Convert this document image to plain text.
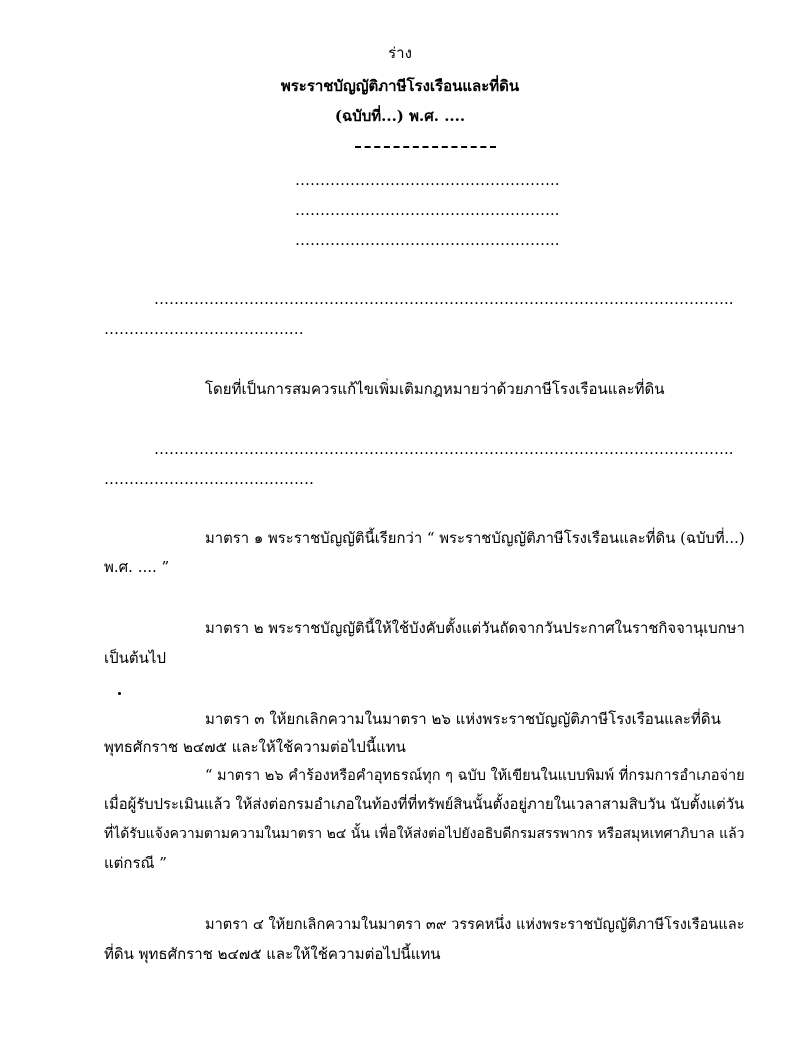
ร่าง
พระราชบัญญัติภาษีโรงเรือนและที่ดิน
(ฉบับที่...) พ.ศ. ....
……………………………………………..
……………………………………………..
……………………………………………..
……………………………………………………………………………………………………..
……………………………….…
โดยที่เป็นการสมควรแก้ไขเพิ่มเติมกฎหมายว่าด้วยภาษีโรงเรือนและที่ดิน
……………………………………………………………………………………………………..
……………………………………
มาตรา ๑ พระราชบัญญัตินี้เรียกว่า “ พระราชบัญญัติภาษีโรงเรือนและที่ดิน (ฉบับที่...)
พ.ศ. .... ”
มาตรา ๒ พระราชบัญญัตินี้ให้ใช้บังคับตั้งแต่วันถัดจากวันประกาศในราชกิจจานุเบกษา
เป็นต้นไป
มาตรา ๓ ให้ยกเลิกความในมาตรา ๒๖ แห่งพระราชบัญญัติภาษีโรงเรือนและที่ดิน
พุทธศักราช ๒๔๗๕ และให้ใช้ความต่อไปนี้แทน
“ มาตรา ๒๖ คำร้องหรือคำอุทธรณ์ทุก ๆ ฉบับ ให้เขียนในแบบพิมพ์ ที่กรมการอำเภอจ่าย
เมื่อผู้รับประเมินแล้ว ให้ส่งต่อกรมอำเภอในท้องที่ที่ทรัพย์สินนั้นตั้งอยู่ภายในเวลาสามสิบวัน นับตั้งแต่วัน
ที่ได้รับแจ้งความตามความในมาตรา ๒๔ นั้น เพื่อให้ส่งต่อไปยังอธิบดีกรมสรรพากร หรือสมุหเทศาภิบาล แล้ว
แต่กรณี ”
มาตรา ๔ ให้ยกเลิกความในมาตรา ๓๙ วรรคหนึ่ง แห่งพระราชบัญญัติภาษีโรงเรือนและ
ที่ดิน พุทธศักราช ๒๔๗๕ และให้ใช้ความต่อไปนี้แทน
